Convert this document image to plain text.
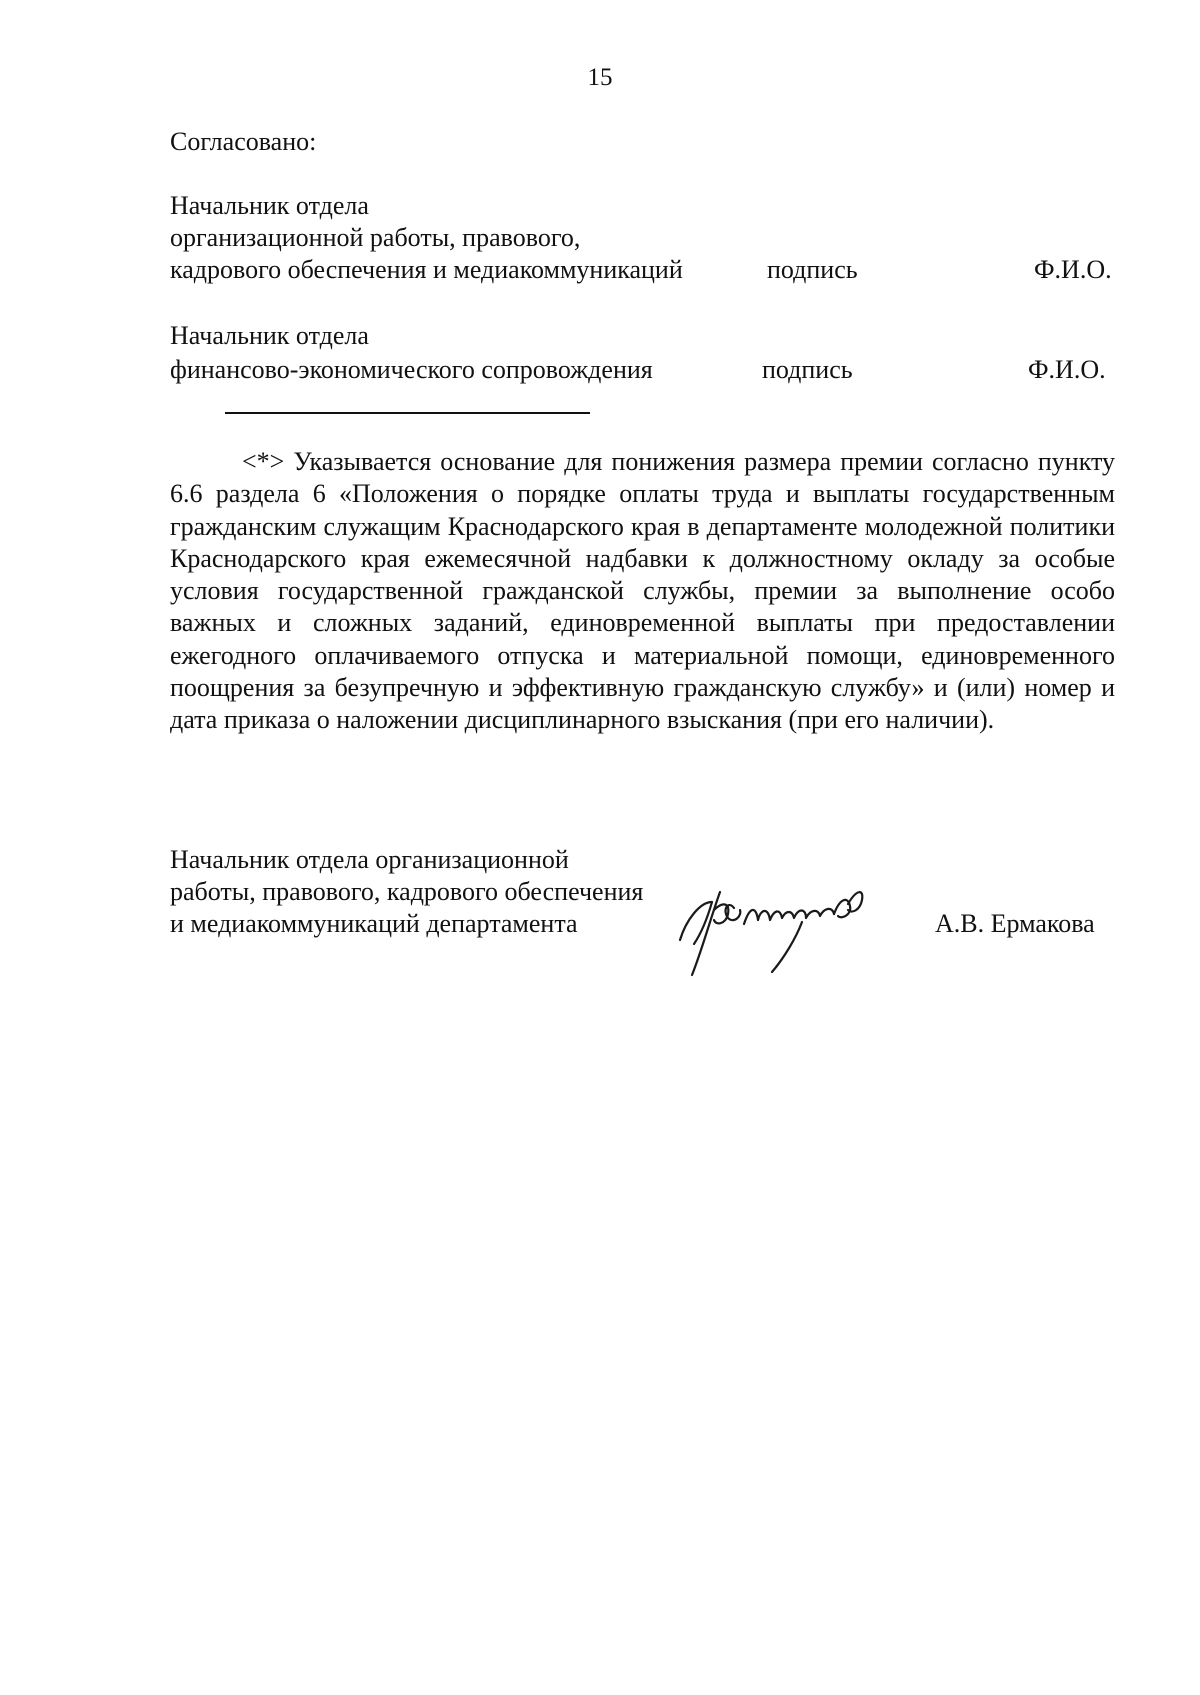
15

Согласовано:

Начальник отдела
организационной работы, правового,
кадрового обеспечения и медиакоммуникаций	подпись	Ф.И.О.
Начальник отдела
финансово-экономического сопровождения	подпись	Ф.И.О.

<*> Указывается основание для понижения размера премии согласно пункту 6.6 раздела 6 «Положения о порядке оплаты труда и выплаты государственным гражданским служащим Краснодарского края в департаменте молодежной политики Краснодарского края ежемесячной надбавки к должностному окладу за особые условия государственной гражданской службы, премии за выполнение особо важных и сложных заданий, единовременной выплаты при предоставлении ежегодного оплачиваемого отпуска и материальной помощи, единовременного поощрения за безупречную и эффективную гражданскую службу» и (или) номер и дата приказа о наложении дисциплинарного взыскания (при его наличии).

Начальник отдела организационной
работы, правового, кадрового обеспечения
и медиакоммуникаций департамента	А.В. Ермакова
